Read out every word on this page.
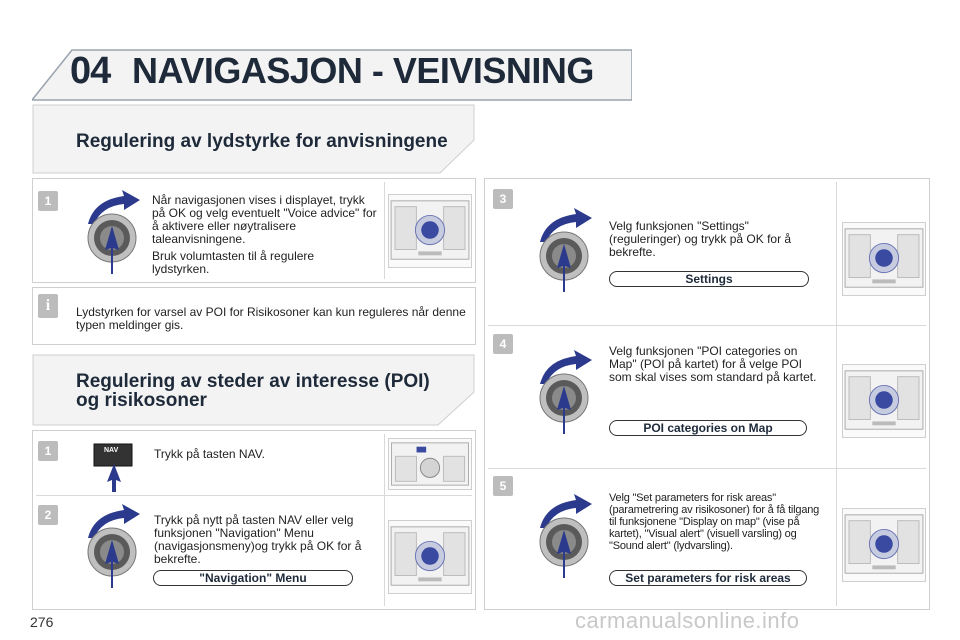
04 NAVIGASJON - VEIVISNING
Regulering av lydstyrke for anvisningene
1	Når navigasjonen vises i displayet, trykk på OK og velg eventuelt "Voice advice" for å aktivere eller nøytralisere taleanvisningene.
Bruk volumtasten til å regulere lydstyrken.
i	Lydstyrken for varsel av POI for Risikosoner kan kun reguleres når denne typen meldinger gis.
Regulering av steder av interesse (POI)
og risikosoner
1	NAV	Trykk på tasten NAV.
2	Trykk på nytt på tasten NAV eller velg funksjonen "Navigation" Menu (navigasjonsmeny)og trykk på OK for å bekrefte.
"Navigation" Menu
3
Velg funksjonen "Settings" (reguleringer) og trykk på OK for å bekrefte.
Settings
4	Velg funksjonen "POI categories on Map" (POI på kartet) for å velge POI som skal vises som standard på kartet.
POI categories on Map
5
Velg "Set parameters for risk areas" (parametrering av risikosoner) for å få tilgang til funksjonene "Display on map" (vise på kartet), "Visual alert" (visuell varsling) og "Sound alert" (lydvarsling).
Set parameters for risk areas
276	carmanualsonline.info
